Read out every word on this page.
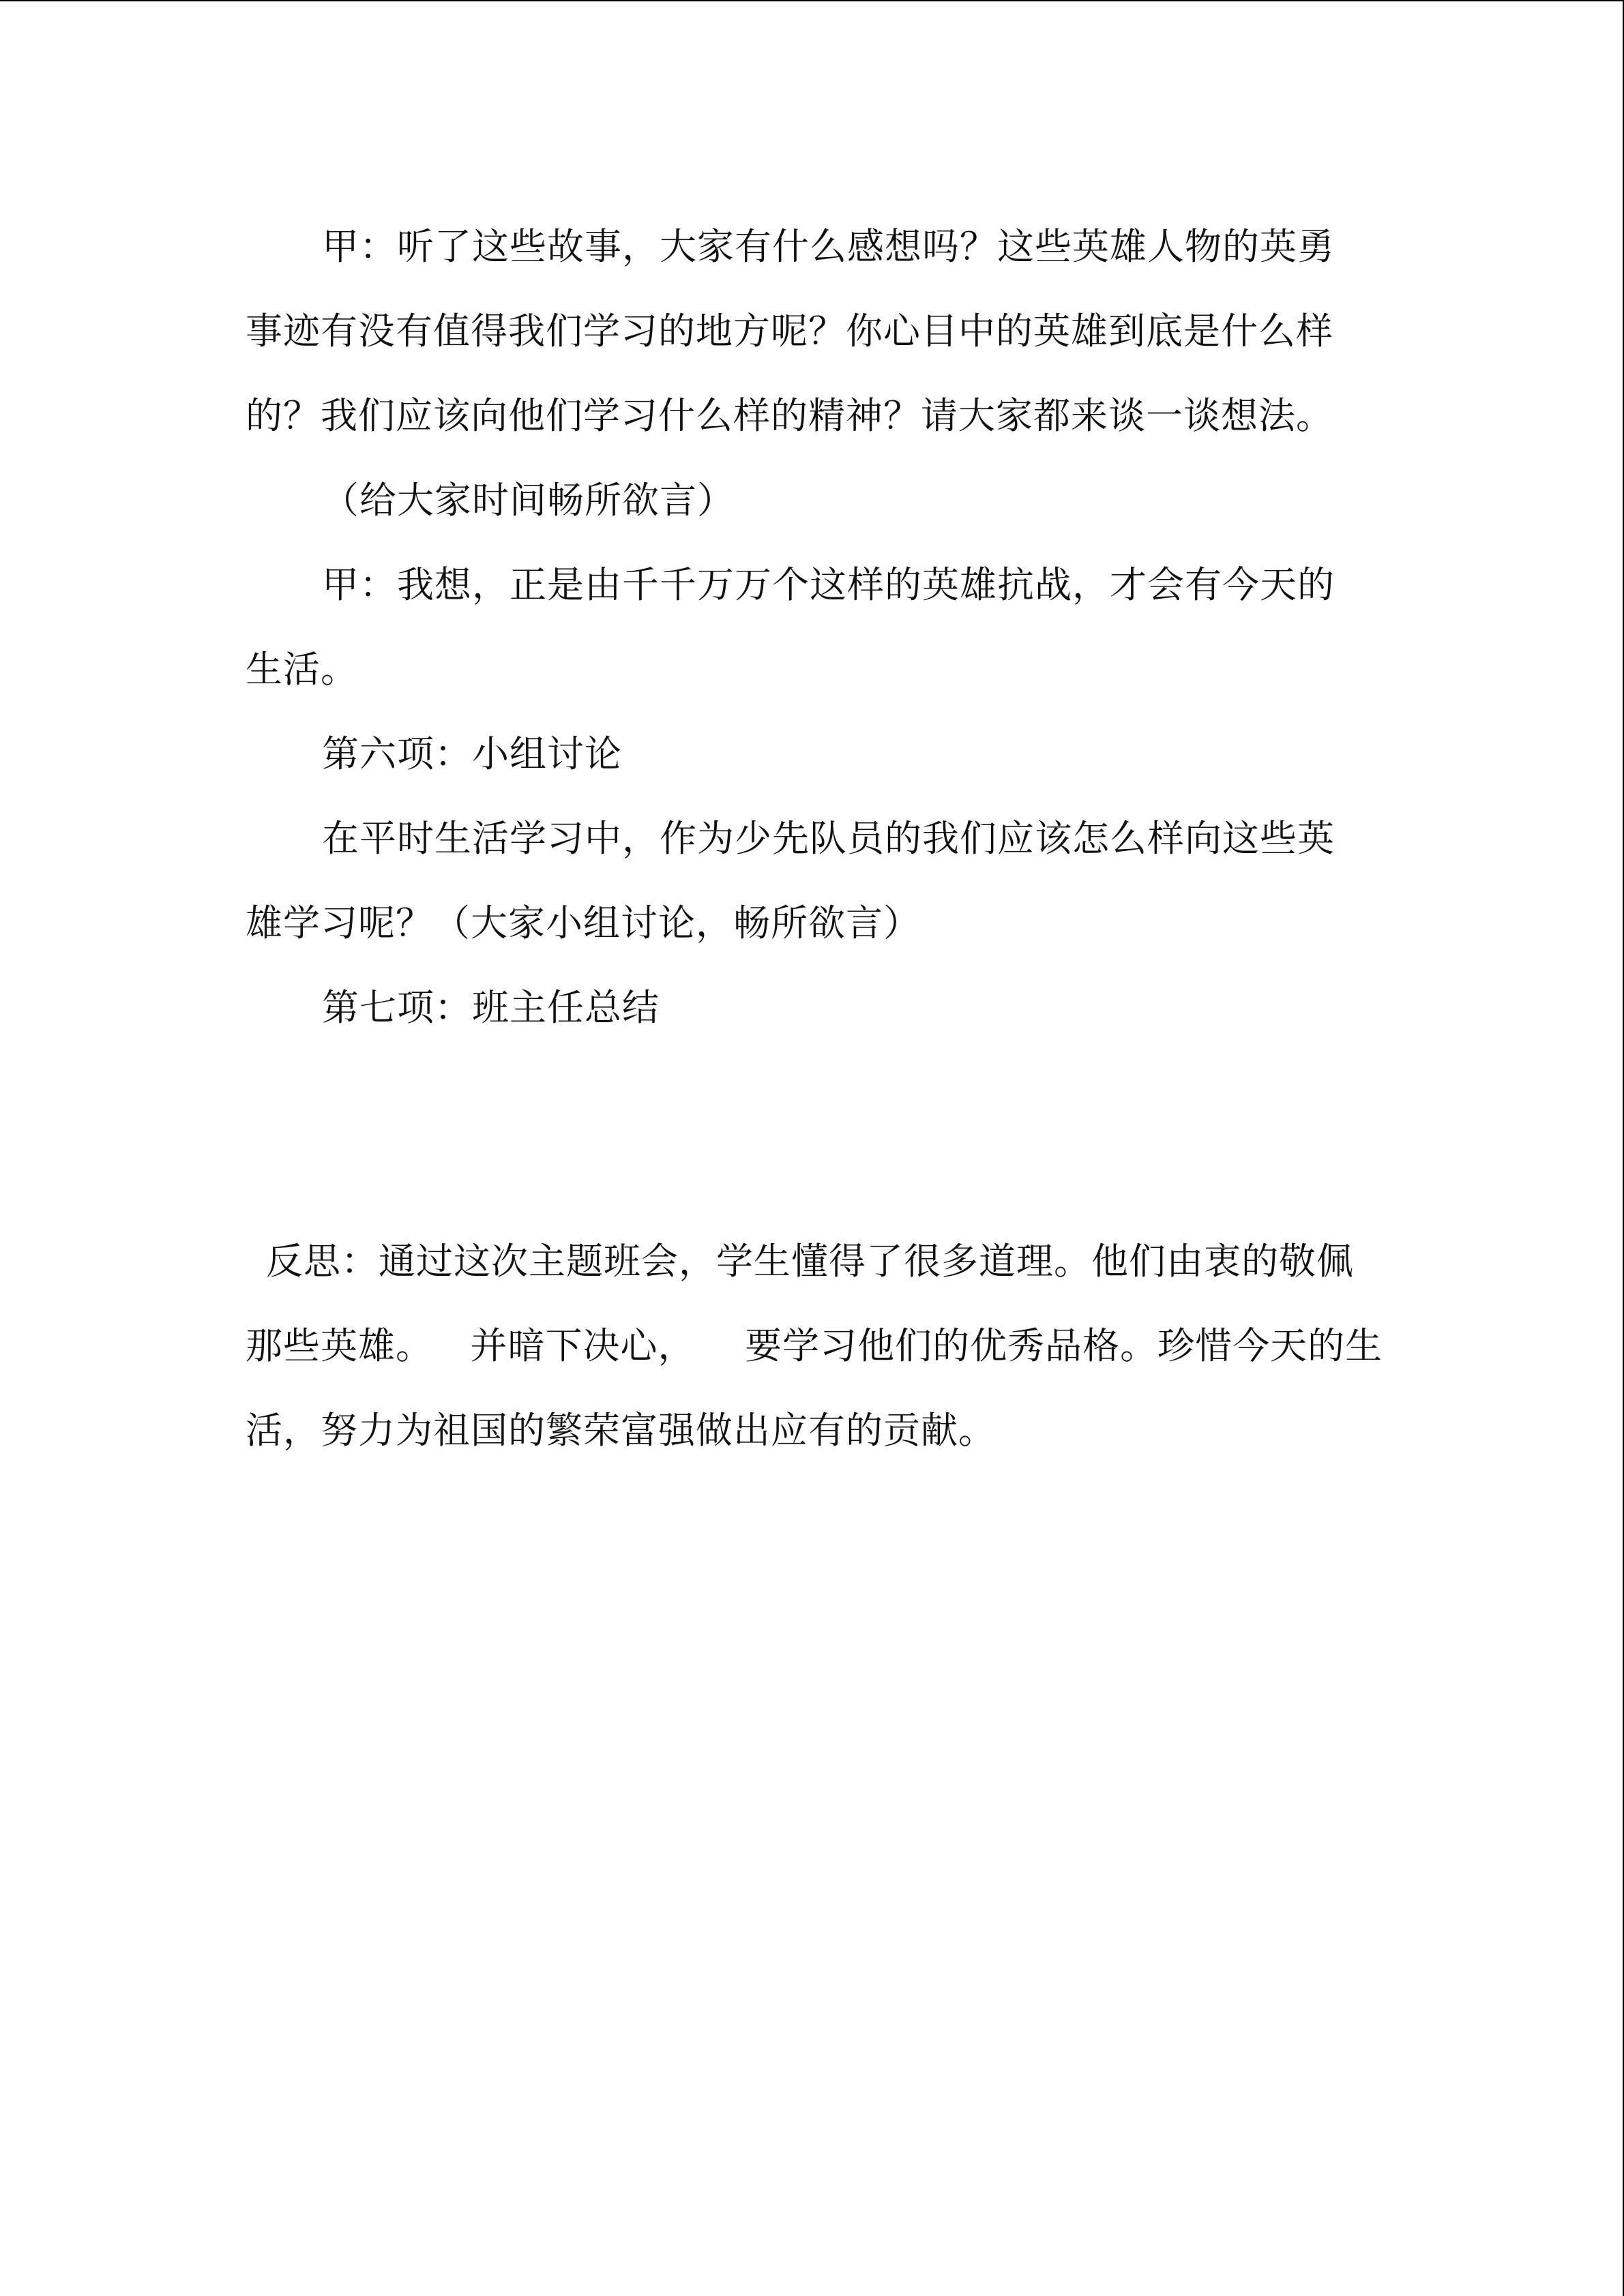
甲：听了这些故事，大家有什么感想吗？这些英雄人物的英勇
事迹有没有值得我们学习的地方呢？你心目中的英雄到底是什么样
的？我们应该向他们学习什么样的精神？请大家都来谈一谈想法。
（给大家时间畅所欲言）
甲：我想，正是由千千万万个这样的英雄抗战，才会有今天的
生活。
第六项：小组讨论
在平时生活学习中，作为少先队员的我们应该怎么样向这些英
雄学习呢？（大家小组讨论，畅所欲言）
第七项：班主任总结
反思：通过这次主题班会，学生懂得了很多道理。他们由衷的敬佩
那些英雄。   并暗下决心，    要学习他们的优秀品格。珍惜今天的生
活，努力为祖国的繁荣富强做出应有的贡献。
